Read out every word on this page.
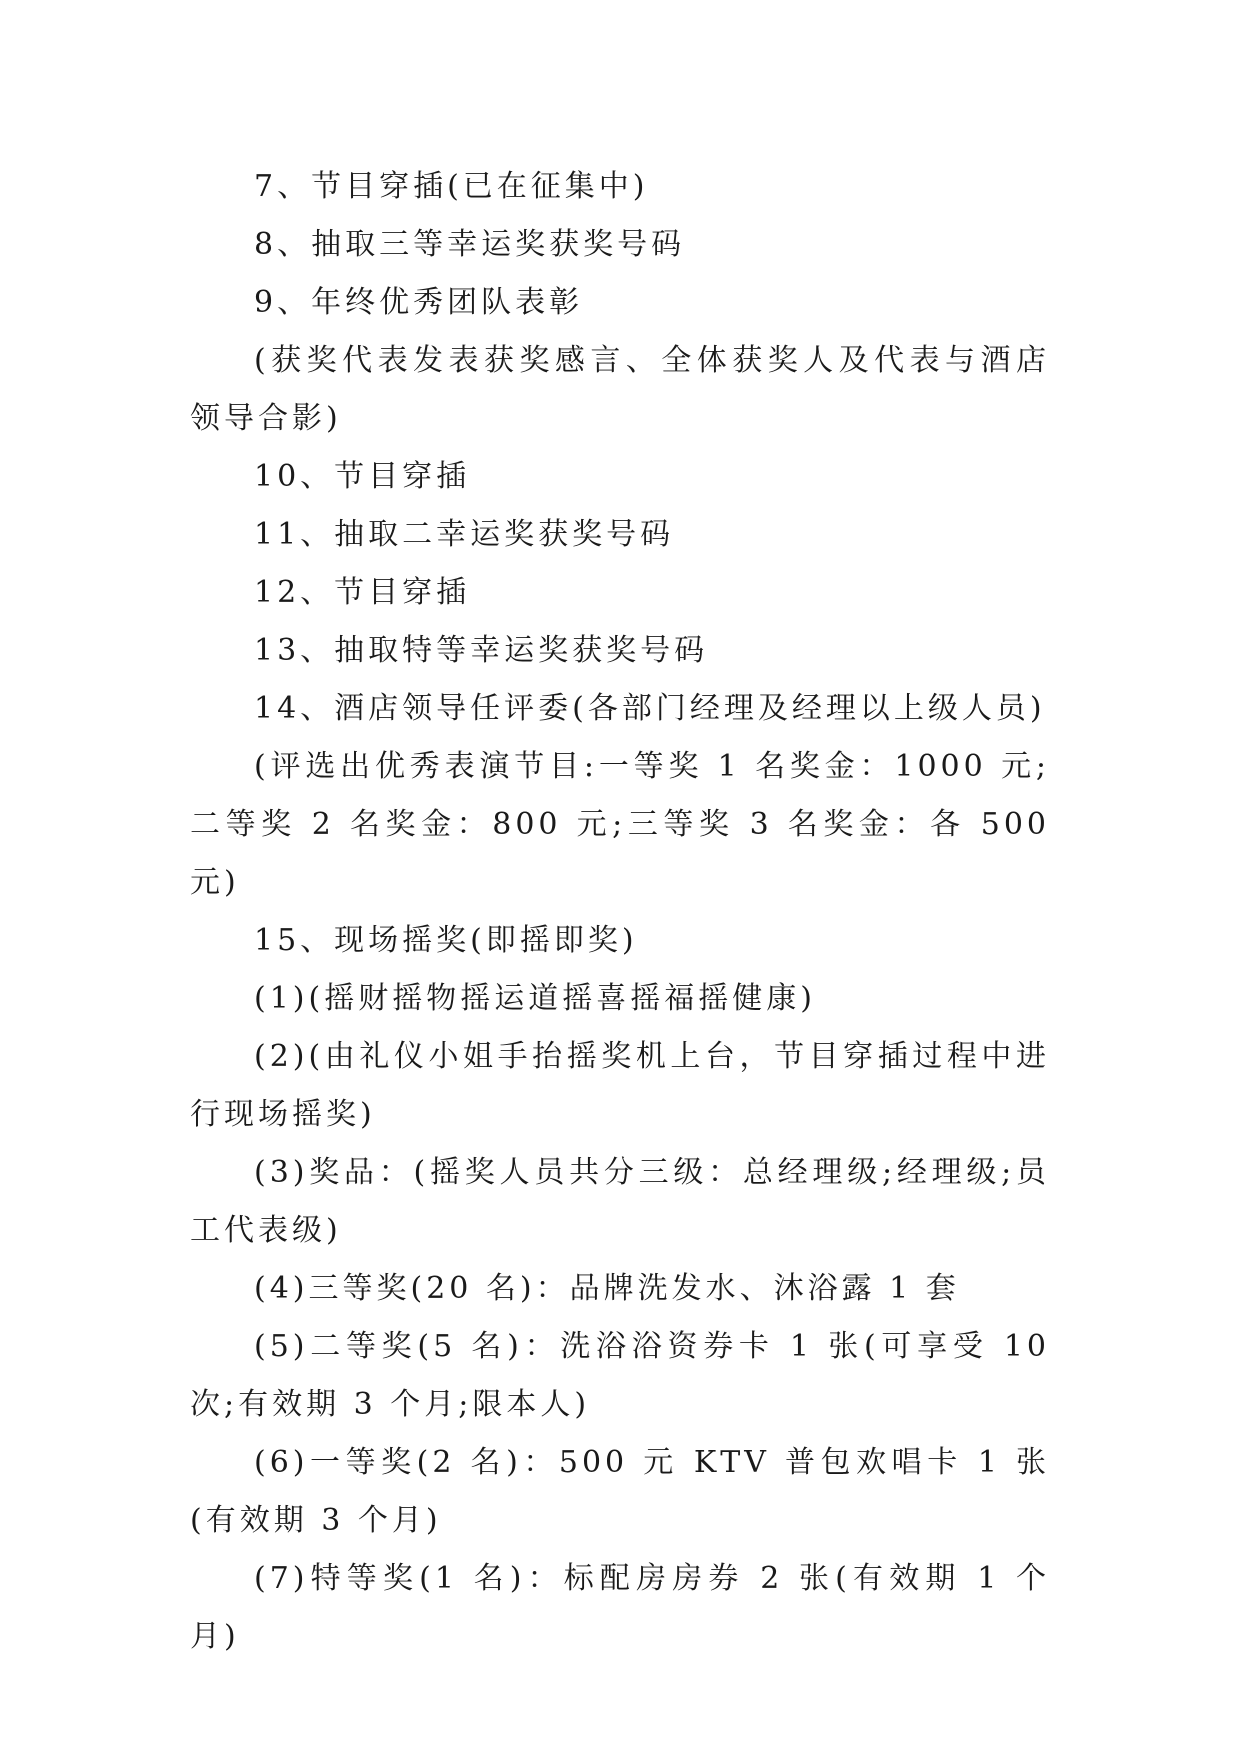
7、节目穿插(已在征集中)

8、抽取三等幸运奖获奖号码

9、年终优秀团队表彰

(获奖代表发表获奖感言、全体获奖人及代表与酒店领导合影)

10、节目穿插

11、抽取二幸运奖获奖号码

12、节目穿插

13、抽取特等幸运奖获奖号码

14、酒店领导任评委(各部门经理及经理以上级人员)

(评选出优秀表演节目:一等奖 1 名奖金：1000 元;二等奖 2 名奖金：800 元;三等奖 3 名奖金：各 500 元)

15、现场摇奖(即摇即奖)

(1)(摇财摇物摇运道摇喜摇福摇健康)

(2)(由礼仪小姐手抬摇奖机上台，节目穿插过程中进行现场摇奖)

(3)奖品：(摇奖人员共分三级：总经理级;经理级;员工代表级)

(4)三等奖(20 名)：品牌洗发水、沐浴露 1 套

(5)二等奖(5 名)：洗浴浴资券卡 1 张(可享受 10 次;有效期 3 个月;限本人)

(6)一等奖(2 名)：500 元 KTV 普包欢唱卡 1 张(有效期 3 个月)

(7)特等奖(1 名)：标配房房券 2 张(有效期 1 个月)
